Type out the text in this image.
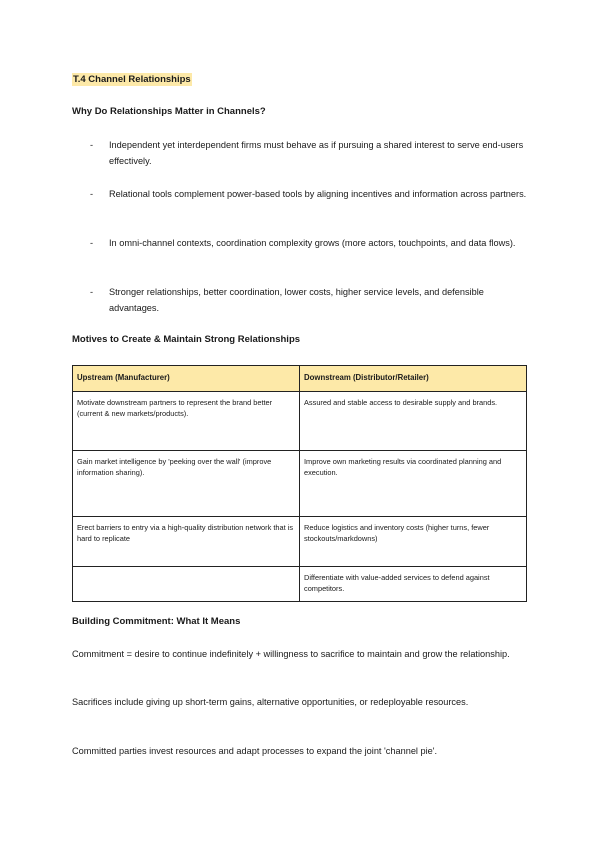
T.4 Channel Relationships
Why Do Relationships Matter in Channels?
- Independent yet interdependent firms must behave as if pursuing a shared interest to serve end-users effectively.
- Relational tools complement power-based tools by aligning incentives and information across partners.
- In omni-channel contexts, coordination complexity grows (more actors, touchpoints, and data flows).
- Stronger relationships, better coordination, lower costs, higher service levels, and defensible advantages.
Motives to Create & Maintain Strong Relationships
Upstream (Manufacturer)	Downstream (Distributor/Retailer)
Motivate downstream partners to represent the brand better (current & new markets/products).	Assured and stable access to desirable supply and brands.
Gain market intelligence by 'peeking over the wall' (improve information sharing).	Improve own marketing results via coordinated planning and execution.
Erect barriers to entry via a high-quality distribution network that is hard to replicate	Reduce logistics and inventory costs (higher turns, fewer stockouts/markdowns)
	Differentiate with value-added services to defend against competitors.
Building Commitment: What It Means
Commitment = desire to continue indefinitely + willingness to sacrifice to maintain and grow the relationship.
Sacrifices include giving up short-term gains, alternative opportunities, or redeployable resources.
Committed parties invest resources and adapt processes to expand the joint 'channel pie'.
